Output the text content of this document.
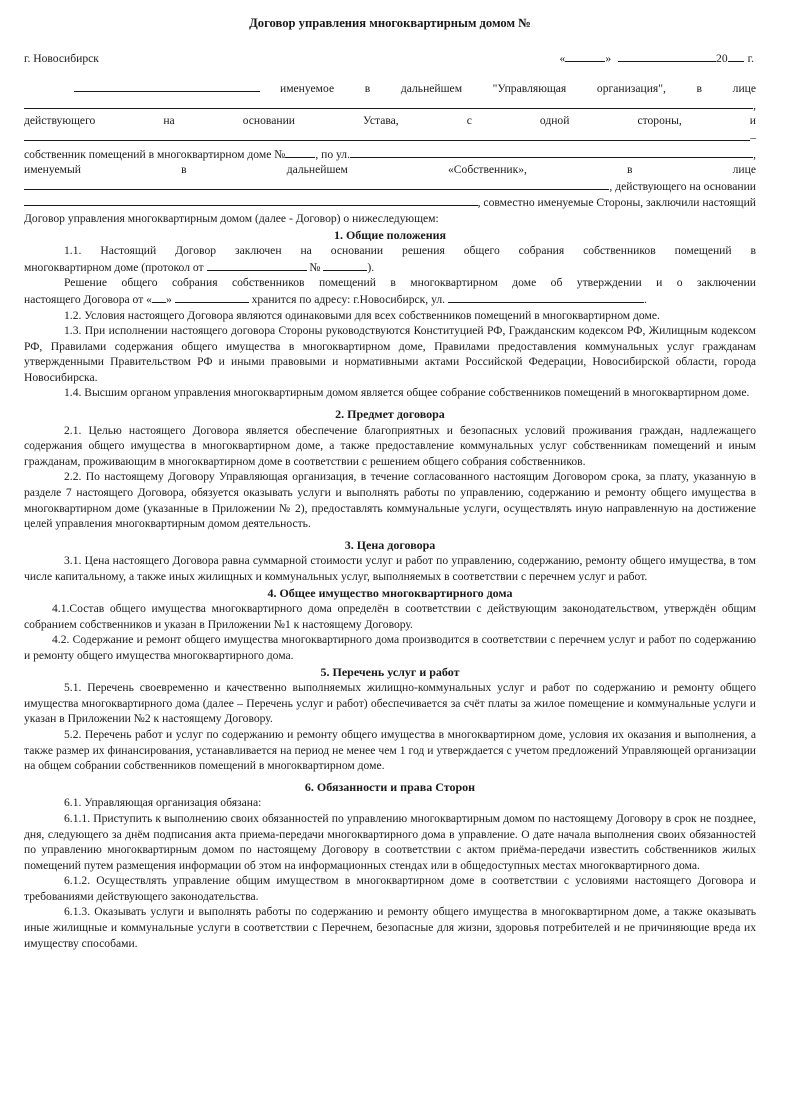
Договор управления многоквартирным домом №
г. Новосибирск	«	»	20 г.
именуемое в дальнейшем "Управляющая организация", в лице
,
действующего на основании Устава, с одной стороны, и
–
собственник помещений в многоквартирном доме №	, по ул.	,
именуемый в дальнейшем «Собственник», в лице
, действующего на основании
, совместно именуемые Стороны, заключили настоящий
Договор управления многоквартирным домом (далее - Договор) о нижеследующем:
1. Общие положения
1.1. Настоящий Договор заключен на основании решения общего собрания собственников помещений в
многоквартирном доме (протокол от	№	).
Решение общего собрания собственников помещений в многоквартирном доме об утверждении и о заключении
настоящего Договора от « »	хранится по адресу: г.Новосибирск, ул.	.
1.2. Условия настоящего Договора являются одинаковыми для всех собственников помещений в многоквартирном доме.
1.3. При исполнении настоящего договора Стороны руководствуются Конституцией РФ, Гражданским кодексом РФ, Жилищным кодексом РФ, Правилами содержания общего имущества в многоквартирном доме, Правилами предоставления коммунальных услуг гражданам утвержденными Правительством РФ и иными правовыми и нормативными актами Российской Федерации, Новосибирской области, города Новосибирска.
1.4. Высшим органом управления многоквартирным домом является общее собрание собственников помещений в многоквартирном доме.
2. Предмет договора
2.1. Целью настоящего Договора является обеспечение благоприятных и безопасных условий проживания граждан, надлежащего содержания общего имущества в многоквартирном доме, а также предоставление коммунальных услуг собственникам помещений и иным гражданам, проживающим в многоквартирном доме в соответствии с решением общего собрания собственников.
2.2. По настоящему Договору Управляющая организация, в течение согласованного настоящим Договором срока, за плату, указанную в разделе 7 настоящего Договора, обязуется оказывать услуги и выполнять работы по управлению, содержанию и ремонту общего имущества в многоквартирном доме (указанные в Приложении № 2), предоставлять коммунальные услуги, осуществлять иную направленную на достижение целей управления многоквартирным домом деятельность.
3. Цена договора
3.1. Цена настоящего Договора равна суммарной стоимости услуг и работ по управлению, содержанию, ремонту общего имущества, в том числе капитальному, а также иных жилищных и коммунальных услуг, выполняемых в соответствии с перечнем услуг и работ.
4. Общее имущество многоквартирного дома
4.1.Состав общего имущества многоквартирного дома определён в соответствии с действующим законодательством, утверждён общим собранием собственников и указан в Приложении №1 к настоящему Договору.
4.2. Содержание и ремонт общего имущества многоквартирного дома производится в соответствии с перечнем услуг и работ по содержанию и ремонту общего имущества многоквартирного дома.
5. Перечень услуг и работ
5.1. Перечень своевременно и качественно выполняемых жилищно-коммунальных услуг и работ по содержанию и ремонту общего имущества многоквартирного дома (далее – Перечень услуг и работ) обеспечивается за счёт платы за жилое помещение и коммунальные услуги и указан в Приложении №2 к настоящему Договору.
5.2. Перечень работ и услуг по содержанию и ремонту общего имущества в многоквартирном доме, условия их оказания и выполнения, а также размер их финансирования, устанавливается на период не менее чем 1 год и утверждается с учетом предложений Управляющей организации на общем собрании собственников помещений в многоквартирном доме.
6. Обязанности и права Сторон
6.1. Управляющая организация обязана:
6.1.1. Приступить к выполнению своих обязанностей по управлению многоквартирным домом по настоящему Договору в срок не позднее, дня, следующего за днём подписания акта приема-передачи многоквартирного дома в управление. О дате начала выполнения своих обязанностей по управлению многоквартирным домом по настоящему Договору в соответствии с актом приёма-передачи известить собственников жилых помещений путем размещения информации об этом на информационных стендах или в общедоступных местах многоквартирного дома.
6.1.2. Осуществлять управление общим имуществом в многоквартирном доме в соответствии с условиями настоящего Договора и требованиями действующего законодательства.
6.1.3. Оказывать услуги и выполнять работы по содержанию и ремонту общего имущества в многоквартирном доме, а также оказывать иные жилищные и коммунальные услуги в соответствии с Перечнем, безопасные для жизни, здоровья потребителей и не причиняющие вреда их имуществу способами.
